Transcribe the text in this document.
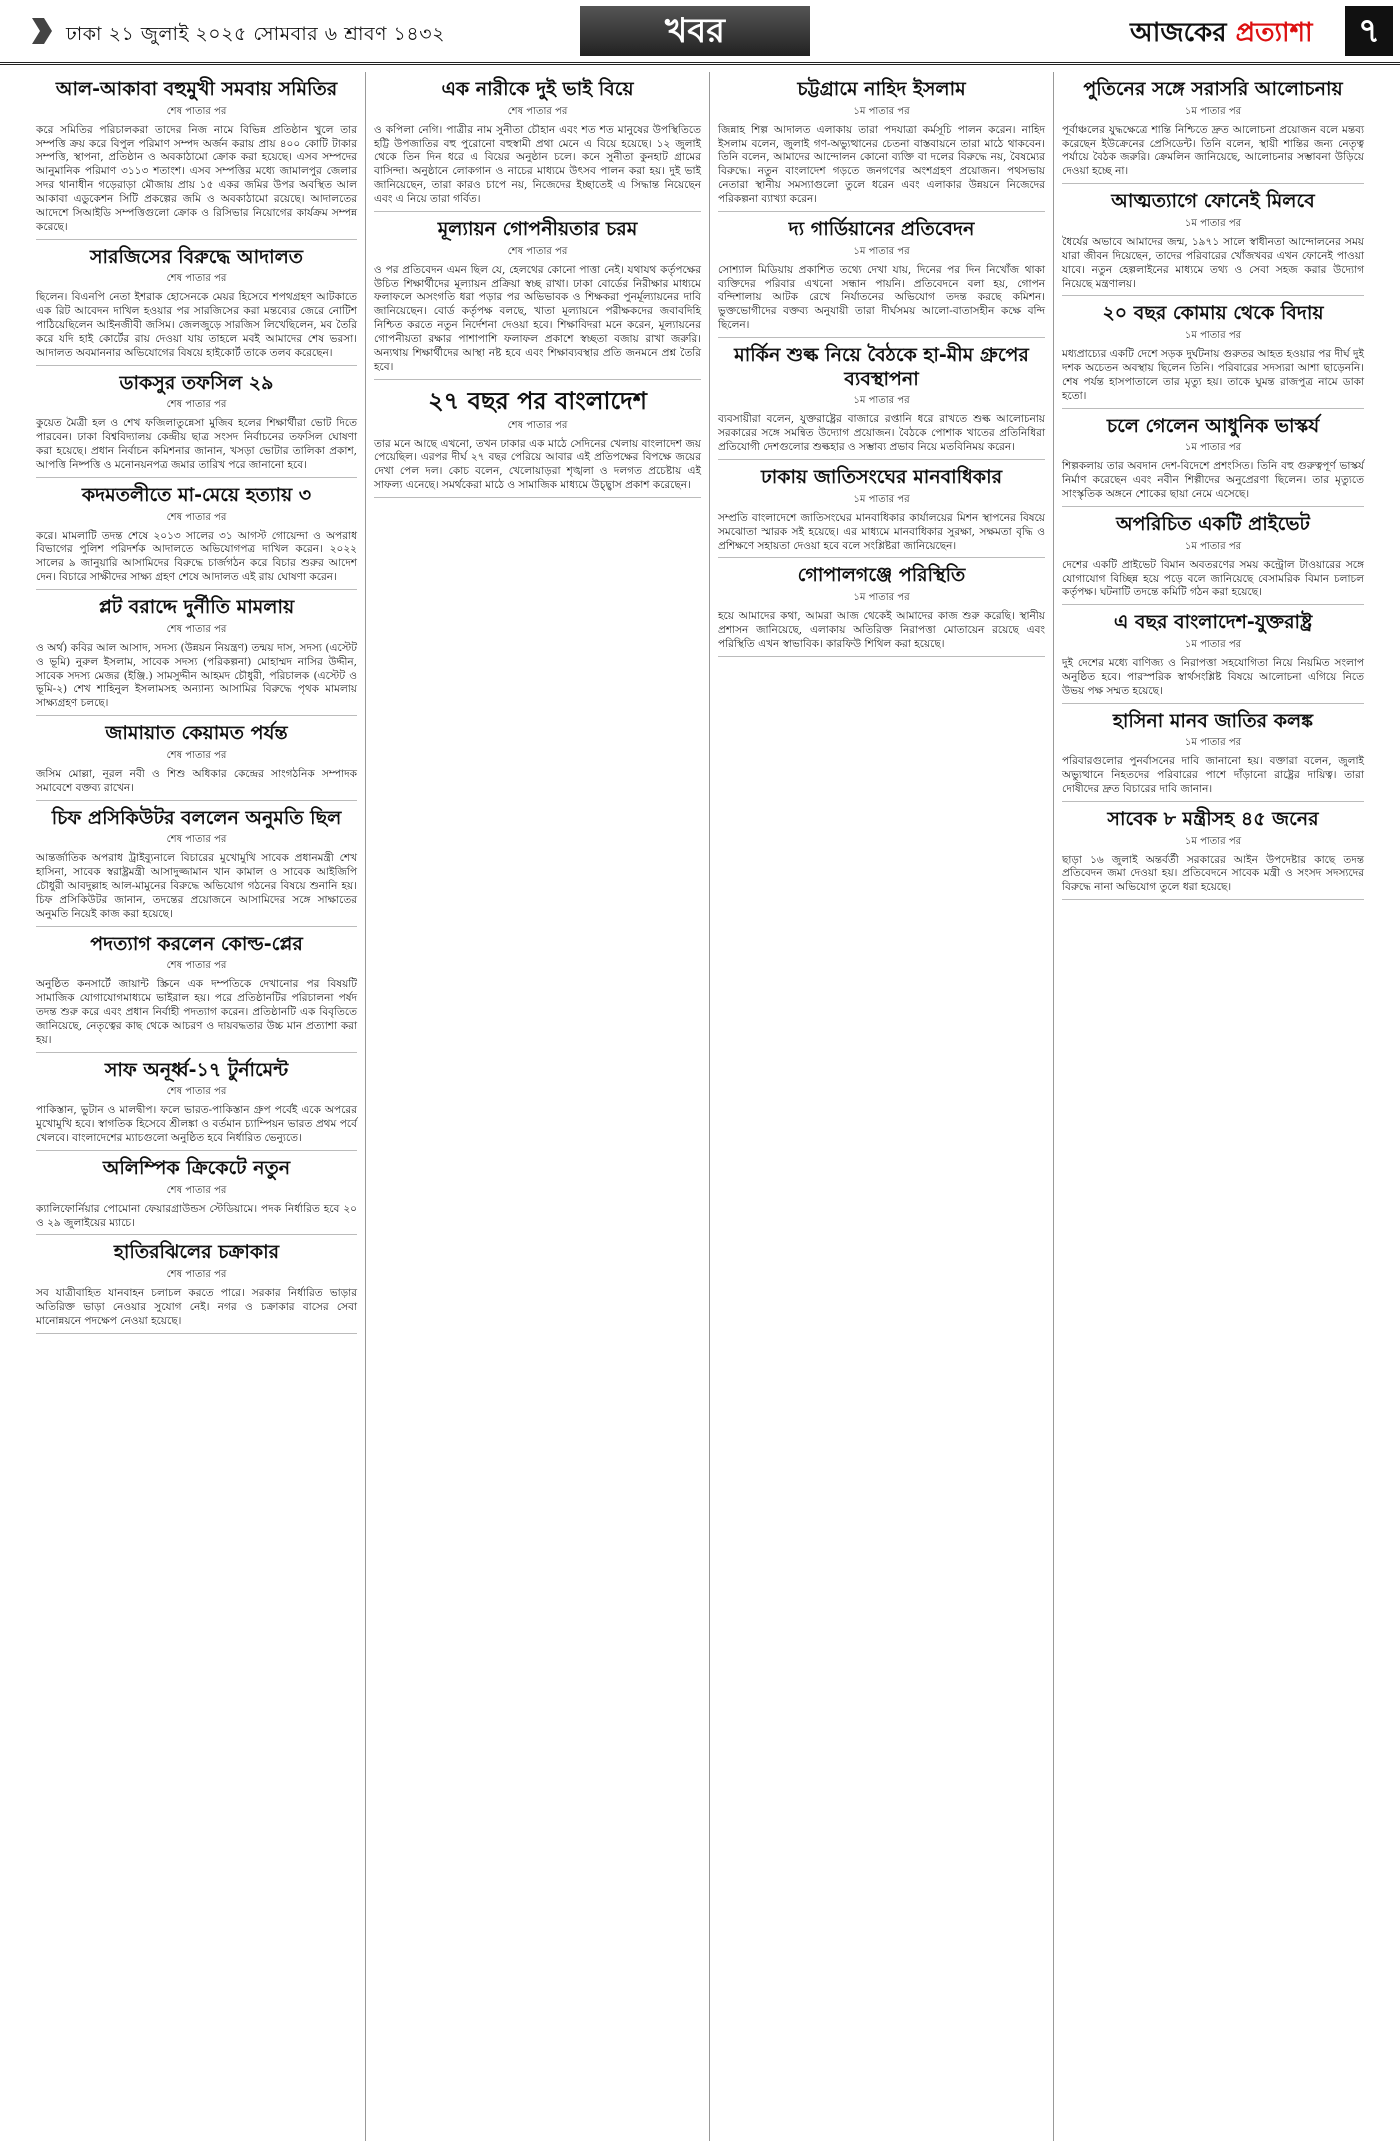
ঢাকা ২১ জুলাই ২০২৫ সোমবার ৬ শ্রাবণ ১৪৩২	খবর	আজকের প্রত্যাশা	৭
আল-আকাবা বহুমুখী সমবায় সমিতির
শেষ পাতার পর

করে সমিতির পরিচালকরা তাদের নিজ নামে বিভিন্ন প্রতিষ্ঠান খুলে তার সম্পত্তি ক্রয় করে বিপুল পরিমাণ সম্পদ অর্জন করায় প্রায় ৪০০ কোটি টাকার সম্পত্তি, স্থাপনা, প্রতিষ্ঠান ও অবকাঠামো ক্রোক করা হয়েছে। এসব সম্পদের আনুমানিক পরিমাণ ৩১১৩ শতাংশ। এসব সম্পত্তির মধ্যে জামালপুর জেলার সদর থানাধীন গড়েরাড়া মৌজায় প্রায় ১৫ একর জমির উপর অবস্থিত আল আকাবা এডুকেশন সিটি প্রকল্পের জমি ও অবকাঠামো রয়েছে। আদালতের আদেশে সিআইডি সম্পত্তিগুলো ক্রোক ও রিসিভার নিয়োগের কার্যক্রম সম্পন্ন করেছে।

সারজিসের বিরুদ্ধে আদালত
শেষ পাতার পর

ছিলেন। বিএনপি নেতা ইশরাক হোসেনকে মেয়র হিসেবে শপথগ্রহণ আটকাতে এক রিট আবেদন দাখিল হওয়ার পর সারজিসের করা মন্তব্যের জেরে নোটিশ পাঠিয়েছিলেন আইনজীবী জসিম। জেলজুড়ে সারজিস লিখেছিলেন, মব তৈরি করে যদি হাই কোর্টের রায় দেওয়া যায় তাহলে মবই আমাদের শেষ ভরসা। আদালত অবমাননার অভিযোগের বিষয়ে হাইকোর্ট তাকে তলব করেছেন।

ডাকসুর তফসিল ২৯
শেষ পাতার পর

কুয়েত মৈত্রী হল ও শেখ ফজিলাতুন্নেসা মুজিব হলের শিক্ষার্থীরা ভোট দিতে পারবেন। ঢাকা বিশ্ববিদ্যালয় কেন্দ্রীয় ছাত্র সংসদ নির্বাচনের তফসিল ঘোষণা করা হয়েছে। প্রধান নির্বাচন কমিশনার জানান, খসড়া ভোটার তালিকা প্রকাশ, আপত্তি নিষ্পত্তি ও মনোনয়নপত্র জমার তারিখ পরে জানানো হবে।

কদমতলীতে মা-মেয়ে হত্যায় ৩
শেষ পাতার পর

করে। মামলাটি তদন্ত শেষে ২০১৩ সালের ৩১ আগস্ট গোয়েন্দা ও অপরাধ বিভাগের পুলিশ পরিদর্শক আদালতে অভিযোগপত্র দাখিল করেন। ২০২২ সালের ৯ জানুয়ারি আসামিদের বিরুদ্ধে চার্জগঠন করে বিচার শুরুর আদেশ দেন। বিচারে সাক্ষীদের সাক্ষ্য গ্রহণ শেষে আদালত এই রায় ঘোষণা করেন।

প্লট বরাদ্দে দুর্নীতি মামলায়
শেষ পাতার পর

ও অর্থ) কবির আল আসাদ, সদস্য (উন্নয়ন নিয়ন্ত্রণ) তন্ময় দাস, সদস্য (এস্টেট ও ভূমি) নুরুল ইসলাম, সাবেক সদস্য (পরিকল্পনা) মোহাম্মদ নাসির উদ্দীন, সাবেক সদস্য মেজর (ইঞ্জি.) সামসুদ্দীন আহমদ চৌধুরী, পরিচালক (এস্টেট ও ভূমি-২) শেখ শাহিনুল ইসলামসহ অন্যান্য আসামির বিরুদ্ধে পৃথক মামলায় সাক্ষ্যগ্রহণ চলছে।

জামায়াত কেয়ামত পর্যন্ত
শেষ পাতার পর

জসিম মোল্লা, নূরল নবী ও শিশু অধিকার কেন্দ্রের সাংগঠনিক সম্পাদক সমাবেশে বক্তব্য রাখেন।

চিফ প্রসিকিউটর বললেন অনুমতি ছিল
শেষ পাতার পর

আন্তর্জাতিক অপরাধ ট্রাইব্যুনালে বিচারের মুখোমুখি সাবেক প্রধানমন্ত্রী শেখ হাসিনা, সাবেক স্বরাষ্ট্রমন্ত্রী আসাদুজ্জামান খান কামাল ও সাবেক আইজিপি চৌধুরী আবদুল্লাহ আল-মামুনের বিরুদ্ধে অভিযোগ গঠনের বিষয়ে শুনানি হয়। চিফ প্রসিকিউটর জানান, তদন্তের প্রয়োজনে আসামিদের সঙ্গে সাক্ষাতের অনুমতি নিয়েই কাজ করা হয়েছে।

পদত্যাগ করলেন কোল্ড-প্লের
শেষ পাতার পর

অনুষ্ঠিত কনসার্টে জায়ান্ট স্ক্রিনে এক দম্পতিকে দেখানোর পর বিষয়টি সামাজিক যোগাযোগমাধ্যমে ভাইরাল হয়। পরে প্রতিষ্ঠানটির পরিচালনা পর্ষদ তদন্ত শুরু করে এবং প্রধান নির্বাহী পদত্যাগ করেন। প্রতিষ্ঠানটি এক বিবৃতিতে জানিয়েছে, নেতৃত্বের কাছ থেকে আচরণ ও দায়বদ্ধতার উচ্চ মান প্রত্যাশা করা হয়।

সাফ অনূর্ধ্ব-১৭ টুর্নামেন্ট
শেষ পাতার পর

পাকিস্তান, ভুটান ও মালদ্বীপ। ফলে ভারত-পাকিস্তান গ্রুপ পর্বেই একে অপরের মুখোমুখি হবে। স্বাগতিক হিসেবে শ্রীলঙ্কা ও বর্তমান চ্যাম্পিয়ন ভারত প্রথম পর্বে খেলবে। বাংলাদেশের ম্যাচগুলো অনুষ্ঠিত হবে নির্ধারিত ভেন্যুতে।

অলিম্পিক ক্রিকেটে নতুন
শেষ পাতার পর

ক্যালিফোর্নিয়ার পোমোনা ফেয়ারগ্রাউন্ডস স্টেডিয়ামে। পদক নির্ধারিত হবে ২০ ও ২৯ জুলাইয়ের ম্যাচে।

হাতিরঝিলের চক্রাকার
শেষ পাতার পর

সব যাত্রীবাহিত যানবাহন চলাচল করতে পারে। সরকার নির্ধারিত ভাড়ার অতিরিক্ত ভাড়া নেওয়ার সুযোগ নেই। নগর ও চক্রাকার বাসের সেবা মানোন্নয়নে পদক্ষেপ নেওয়া হয়েছে।

এক নারীকে দুই ভাই বিয়ে
শেষ পাতার পর

ও কপিলা নেগি। পাত্রীর নাম সুনীতা চৌহান এবং শত শত মানুষের উপস্থিতিতে হট্টি উপজাতির বহু পুরোনো বহুস্বামী প্রথা মেনে এ বিয়ে হয়েছে। ১২ জুলাই থেকে তিন দিন ধরে এ বিয়ের অনুষ্ঠান চলে। কনে সুনীতা কুনহাট গ্রামের বাসিন্দা। অনুষ্ঠানে লোকগান ও নাচের মাধ্যমে উৎসব পালন করা হয়। দুই ভাই জানিয়েছেন, তারা কারও চাপে নয়, নিজেদের ইচ্ছাতেই এ সিদ্ধান্ত নিয়েছেন এবং এ নিয়ে তারা গর্বিত।

মূল্যায়ন গোপনীয়তার চরম
শেষ পাতার পর

ও পর প্রতিবেদন এমন ছিল যে, হেলথের কোনো পাত্তা নেই। যথাযথ কর্তৃপক্ষের উচিত শিক্ষার্থীদের মূল্যায়ন প্রক্রিয়া স্বচ্ছ রাখা। ঢাকা বোর্ডের নিরীক্ষার মাধ্যমে ফলাফলে অসংগতি ধরা পড়ার পর অভিভাবক ও শিক্ষকরা পুনর্মূল্যায়নের দাবি জানিয়েছেন। বোর্ড কর্তৃপক্ষ বলছে, খাতা মূল্যায়নে পরীক্ষকদের জবাবদিহি নিশ্চিত করতে নতুন নির্দেশনা দেওয়া হবে। শিক্ষাবিদরা মনে করেন, মূল্যায়নের গোপনীয়তা রক্ষার পাশাপাশি ফলাফল প্রকাশে স্বচ্ছতা বজায় রাখা জরুরি। অন্যথায় শিক্ষার্থীদের আস্থা নষ্ট হবে এবং শিক্ষাব্যবস্থার প্রতি জনমনে প্রশ্ন তৈরি হবে।

২৭ বছর পর বাংলাদেশ
শেষ পাতার পর

তার মনে আছে এখনো, তখন ঢাকার এক মাঠে সেদিনের খেলায় বাংলাদেশ জয় পেয়েছিল। এরপর দীর্ঘ ২৭ বছর পেরিয়ে আবার এই প্রতিপক্ষের বিপক্ষে জয়ের দেখা পেল দল। কোচ বলেন, খেলোয়াড়রা শৃঙ্খলা ও দলগত প্রচেষ্টায় এই সাফল্য এনেছে। সমর্থকেরা মাঠে ও সামাজিক মাধ্যমে উচ্ছ্বাস প্রকাশ করেছেন।

চট্টগ্রামে নাহিদ ইসলাম
১ম পাতার পর

জিন্নাহ শিল্প আদালত এলাকায় তারা পদযাত্রা কর্মসূচি পালন করেন। নাহিদ ইসলাম বলেন, জুলাই গণ-অভ্যুত্থানের চেতনা বাস্তবায়নে তারা মাঠে থাকবেন। তিনি বলেন, আমাদের আন্দোলন কোনো ব্যক্তি বা দলের বিরুদ্ধে নয়, বৈষম্যের বিরুদ্ধে। নতুন বাংলাদেশ গড়তে জনগণের অংশগ্রহণ প্রয়োজন। পথসভায় নেতারা স্থানীয় সমস্যাগুলো তুলে ধরেন এবং এলাকার উন্নয়নে নিজেদের পরিকল্পনা ব্যাখ্যা করেন।

দ্য গার্ডিয়ানের প্রতিবেদন
১ম পাতার পর

সোশ্যাল মিডিয়ায় প্রকাশিত তথ্যে দেখা যায়, দিনের পর দিন নিখোঁজ থাকা ব্যক্তিদের পরিবার এখনো সন্ধান পায়নি। প্রতিবেদনে বলা হয়, গোপন বন্দিশালায় আটক রেখে নির্যাতনের অভিযোগ তদন্ত করছে কমিশন। ভুক্তভোগীদের বক্তব্য অনুযায়ী তারা দীর্ঘসময় আলো-বাতাসহীন কক্ষে বন্দি ছিলেন।

মার্কিন শুল্ক নিয়ে বৈঠকে হা-মীম গ্রুপের ব্যবস্থাপনা
১ম পাতার পর

ব্যবসায়ীরা বলেন, যুক্তরাষ্ট্রের বাজারে রপ্তানি ধরে রাখতে শুল্ক আলোচনায় সরকারের সঙ্গে সমন্বিত উদ্যোগ প্রয়োজন। বৈঠকে পোশাক খাতের প্রতিনিধিরা প্রতিযোগী দেশগুলোর শুল্কহার ও সম্ভাব্য প্রভাব নিয়ে মতবিনিময় করেন।

ঢাকায় জাতিসংঘের মানবাধিকার
১ম পাতার পর

সম্প্রতি বাংলাদেশে জাতিসংঘের মানবাধিকার কার্যালয়ের মিশন স্থাপনের বিষয়ে সমঝোতা স্মারক সই হয়েছে। এর মাধ্যমে মানবাধিকার সুরক্ষা, সক্ষমতা বৃদ্ধি ও প্রশিক্ষণে সহায়তা দেওয়া হবে বলে সংশ্লিষ্টরা জানিয়েছেন।

গোপালগঞ্জে পরিস্থিতি
১ম পাতার পর

হয়ে আমাদের কথা, আমরা আজ থেকেই আমাদের কাজ শুরু করেছি। স্থানীয় প্রশাসন জানিয়েছে, এলাকায় অতিরিক্ত নিরাপত্তা মোতায়েন রয়েছে এবং পরিস্থিতি এখন স্বাভাবিক। কারফিউ শিথিল করা হয়েছে।

পুতিনের সঙ্গে সরাসরি আলোচনায়
১ম পাতার পর

পূর্বাঞ্চলের যুদ্ধক্ষেত্রে শান্তি নিশ্চিতে দ্রুত আলোচনা প্রয়োজন বলে মন্তব্য করেছেন ইউক্রেনের প্রেসিডেন্ট। তিনি বলেন, স্থায়ী শান্তির জন্য নেতৃত্ব পর্যায়ে বৈঠক জরুরি। ক্রেমলিন জানিয়েছে, আলোচনার সম্ভাবনা উড়িয়ে দেওয়া হচ্ছে না।

আত্মত্যাগে ফোনেই মিলবে
১ম পাতার পর

ধৈর্যের অভাবে আমাদের জন্ম, ১৯৭১ সালে স্বাধীনতা আন্দোলনের সময় যারা জীবন দিয়েছেন, তাদের পরিবারের খোঁজখবর এখন ফোনেই পাওয়া যাবে। নতুন হেল্পলাইনের মাধ্যমে তথ্য ও সেবা সহজ করার উদ্যোগ নিয়েছে মন্ত্রণালয়।

২০ বছর কোমায় থেকে বিদায়
১ম পাতার পর

মধ্যপ্রাচ্যের একটি দেশে সড়ক দুর্ঘটনায় গুরুতর আহত হওয়ার পর দীর্ঘ দুই দশক অচেতন অবস্থায় ছিলেন তিনি। পরিবারের সদস্যরা আশা ছাড়েননি। শেষ পর্যন্ত হাসপাতালে তার মৃত্যু হয়। তাকে ঘুমন্ত রাজপুত্র নামে ডাকা হতো।

চলে গেলেন আধুনিক ভাস্কর্য
১ম পাতার পর

শিল্পকলায় তার অবদান দেশ-বিদেশে প্রশংসিত। তিনি বহু গুরুত্বপূর্ণ ভাস্কর্য নির্মাণ করেছেন এবং নবীন শিল্পীদের অনুপ্রেরণা ছিলেন। তার মৃত্যুতে সাংস্কৃতিক অঙ্গনে শোকের ছায়া নেমে এসেছে।

অপরিচিত একটি প্রাইভেট
১ম পাতার পর

দেশের একটি প্রাইভেট বিমান অবতরণের সময় কন্ট্রোল টাওয়ারের সঙ্গে যোগাযোগ বিচ্ছিন্ন হয়ে পড়ে বলে জানিয়েছে বেসামরিক বিমান চলাচল কর্তৃপক্ষ। ঘটনাটি তদন্তে কমিটি গঠন করা হয়েছে।

এ বছর বাংলাদেশ-যুক্তরাষ্ট্র
১ম পাতার পর

দুই দেশের মধ্যে বাণিজ্য ও নিরাপত্তা সহযোগিতা নিয়ে নিয়মিত সংলাপ অনুষ্ঠিত হবে। পারস্পরিক স্বার্থসংশ্লিষ্ট বিষয়ে আলোচনা এগিয়ে নিতে উভয় পক্ষ সম্মত হয়েছে।

হাসিনা মানব জাতির কলঙ্ক
১ম পাতার পর

পরিবারগুলোর পুনর্বাসনের দাবি জানানো হয়। বক্তারা বলেন, জুলাই অভ্যুত্থানে নিহতদের পরিবারের পাশে দাঁড়ানো রাষ্ট্রের দায়িত্ব। তারা দোষীদের দ্রুত বিচারের দাবি জানান।

সাবেক ৮ মন্ত্রীসহ ৪৫ জনের
১ম পাতার পর

ছাড়া ১৬ জুলাই অন্তর্বর্তী সরকারের আইন উপদেষ্টার কাছে তদন্ত প্রতিবেদন জমা দেওয়া হয়। প্রতিবেদনে সাবেক মন্ত্রী ও সংসদ সদস্যদের বিরুদ্ধে নানা অভিযোগ তুলে ধরা হয়েছে।
